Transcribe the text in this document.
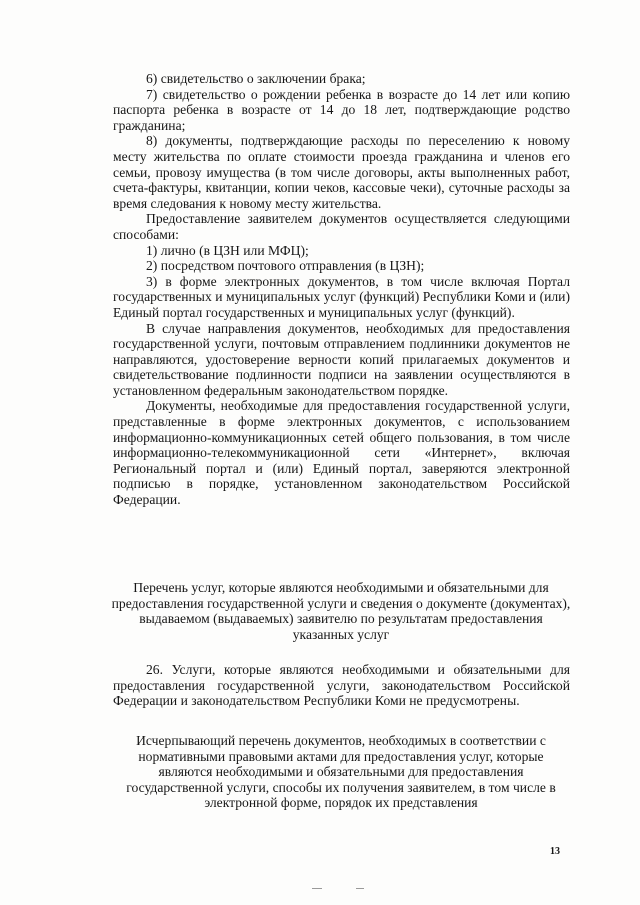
6) свидетельство о заключении брака;

7) свидетельство о рождении ребенка в возрасте до 14 лет или копию паспорта ребенка в возрасте от 14 до 18 лет, подтверждающие родство гражданина;

8) документы, подтверждающие расходы по переселению к новому месту жительства по оплате стоимости проезда гражданина и членов его семьи, провозу имущества (в том числе договоры, акты выполненных работ, счета-фактуры, квитанции, копии чеков, кассовые чеки), суточные расходы за время следования к новому месту жительства.

Предоставление заявителем документов осуществляется следующими способами:

1) лично (в ЦЗН или МФЦ);

2) посредством почтового отправления (в ЦЗН);

3) в форме электронных документов, в том числе включая Портал государственных и муниципальных услуг (функций) Республики Коми и (или) Единый портал государственных и муниципальных услуг (функций).

В случае направления документов, необходимых для предоставления государственной услуги, почтовым отправлением подлинники документов не направляются, удостоверение верности копий прилагаемых документов и свидетельствование подлинности подписи на заявлении осуществляются в установленном федеральным законодательством порядке.

Документы, необходимые для предоставления государственной услуги, представленные в форме электронных документов, с использованием информационно-коммуникационных сетей общего пользования, в том числе информационно-телекоммуникационной сети «Интернет», включая Региональный портал и (или) Единый портал, заверяются электронной подписью в порядке, установленном законодательством Российской Федерации.

Перечень услуг, которые являются необходимыми и обязательными для предоставления государственной услуги и сведения о документе (документах), выдаваемом (выдаваемых) заявителю по результатам предоставления указанных услуг

26. Услуги, которые являются необходимыми и обязательными для предоставления государственной услуги, законодательством Российской Федерации и законодательством Республики Коми не предусмотрены.

Исчерпывающий перечень документов, необходимых в соответствии с нормативными правовыми актами для предоставления услуг, которые являются необходимыми и обязательными для предоставления государственной услуги, способы их получения заявителем, в том числе в электронной форме, порядок их представления

13
